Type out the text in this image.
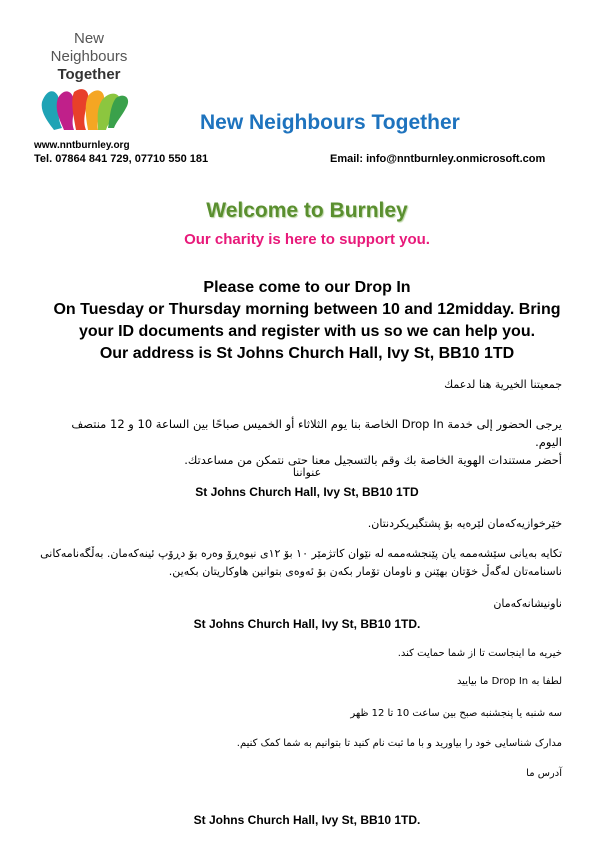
New
Neighbours
Together
New Neighbours Together
www.nntburnley.org
Tel. 07864 841 729, 07710 550 181	Email: info@nntburnley.onmicrosoft.com
Welcome to Burnley
Our charity is here to support you.
Please come to our Drop In
On Tuesday or Thursday morning between 10 and 12midday. Bring
your ID documents and register with us so we can help you.
Our address is St Johns Church Hall, Ivy St, BB10 1TD
جمعيتنا الخيرية هنا لدعمك
يرجى الحضور إلى خدمة Drop In الخاصة بنا يوم الثلاثاء أو الخميس صباحًا بين الساعة 10 و 12 منتصف اليوم.
أحضر مستندات الهوية الخاصة بك وقم بالتسجيل معنا حتى نتمكن من مساعدتك.
عنواننا
St Johns Church Hall, Ivy St, BB10 1TD
خێرخوازیەکەمان لێرەیە بۆ پشتگیریکردنتان.
تکایە بەیانی سێشەممە یان پێنجشەممە لە نێوان کاتژمێر ١٠ بۆ ١٢ی نیوەڕۆ وەرە بۆ دڕۆپ ئینەکەمان. بەڵگەنامەکانی
ناسنامەتان لەگەڵ خۆتان بهێنن و ناومان تۆمار بکەن بۆ ئەوەی بتوانین هاوکاریتان بکەین.
ناونیشانەکەمان
St Johns Church Hall, Ivy St, BB10 1TD.
خیریه ما اینجاست تا از شما حمایت کند.
لطفا به Drop In ما بیایید
سه شنبه یا پنجشنبه صبح بین ساعت 10 تا 12 ظهر
مدارک شناسایی خود را بیاورید و با ما ثبت نام کنید تا بتوانیم به شما کمک کنیم.
آدرس ما
St Johns Church Hall, Ivy St, BB10 1TD.
